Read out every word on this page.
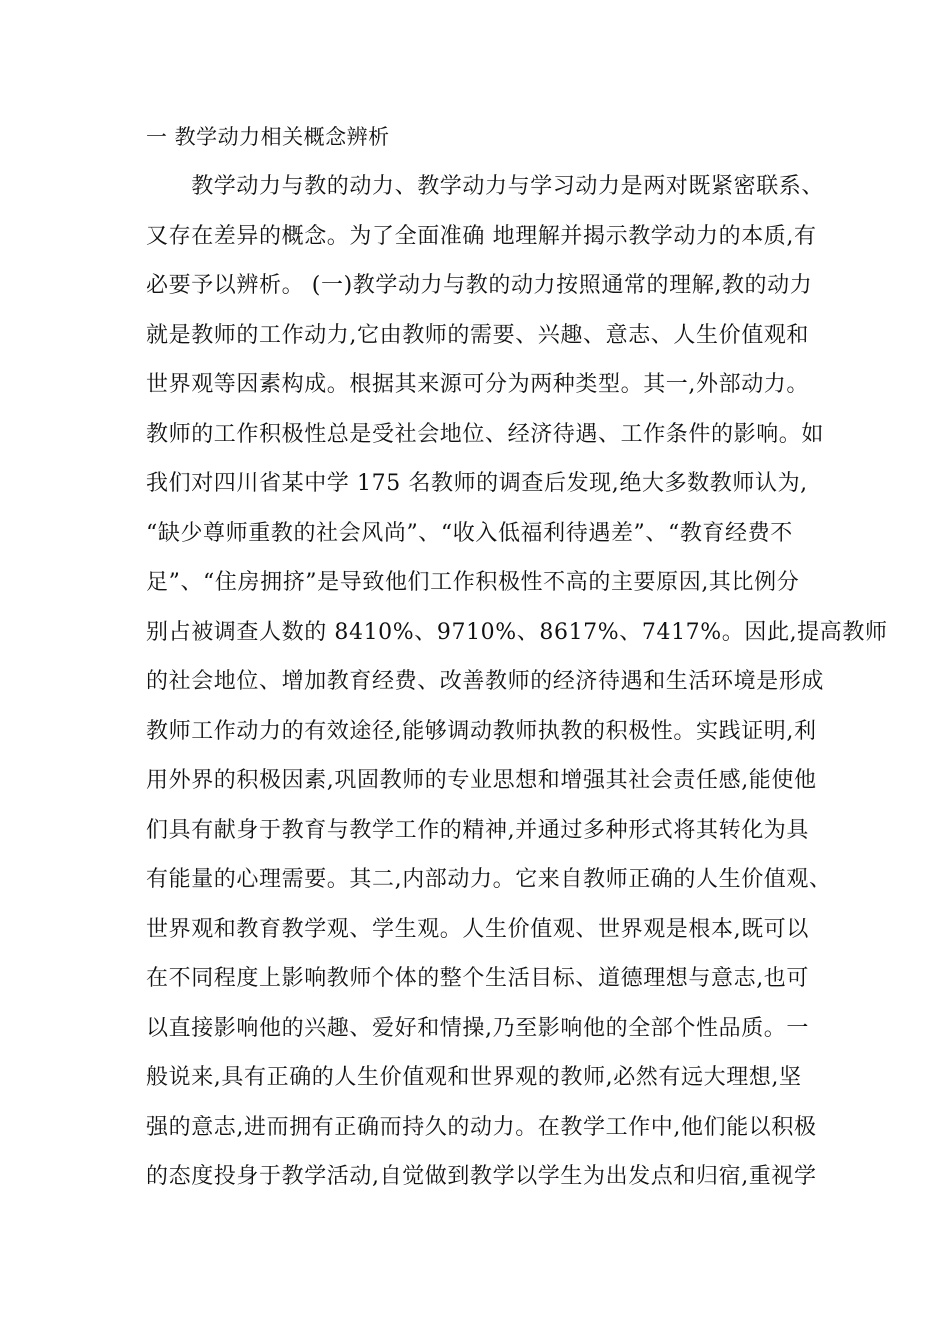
一 教学动力相关概念辨析
　　教学动力与教的动力、教学动力与学习动力是两对既紧密联系、
又存在差异的概念。为了全面准确 地理解并揭示教学动力的本质,有
必要予以辨析。 (一)教学动力与教的动力按照通常的理解,教的动力
就是教师的工作动力,它由教师的需要、兴趣、意志、人生价值观和
世界观等因素构成。根据其来源可分为两种类型。其一,外部动力。
教师的工作积极性总是受社会地位、经济待遇、工作条件的影响。如
我们对四川省某中学 175 名教师的调查后发现,绝大多数教师认为,
“缺少尊师重教的社会风尚”、“收入低福利待遇差”、“教育经费不
足”、“住房拥挤”是导致他们工作积极性不高的主要原因,其比例分
别占被调查人数的 8410%、9710%、8617%、7417%。因此,提高教师
的社会地位、增加教育经费、改善教师的经济待遇和生活环境是形成
教师工作动力的有效途径,能够调动教师执教的积极性。实践证明,利
用外界的积极因素,巩固教师的专业思想和增强其社会责任感,能使他
们具有献身于教育与教学工作的精神,并通过多种形式将其转化为具
有能量的心理需要。其二,内部动力。它来自教师正确的人生价值观、
世界观和教育教学观、学生观。人生价值观、世界观是根本,既可以
在不同程度上影响教师个体的整个生活目标、道德理想与意志,也可
以直接影响他的兴趣、爱好和情操,乃至影响他的全部个性品质。一
般说来,具有正确的人生价值观和世界观的教师,必然有远大理想,坚
强的意志,进而拥有正确而持久的动力。在教学工作中,他们能以积极
的态度投身于教学活动,自觉做到教学以学生为出发点和归宿,重视学
